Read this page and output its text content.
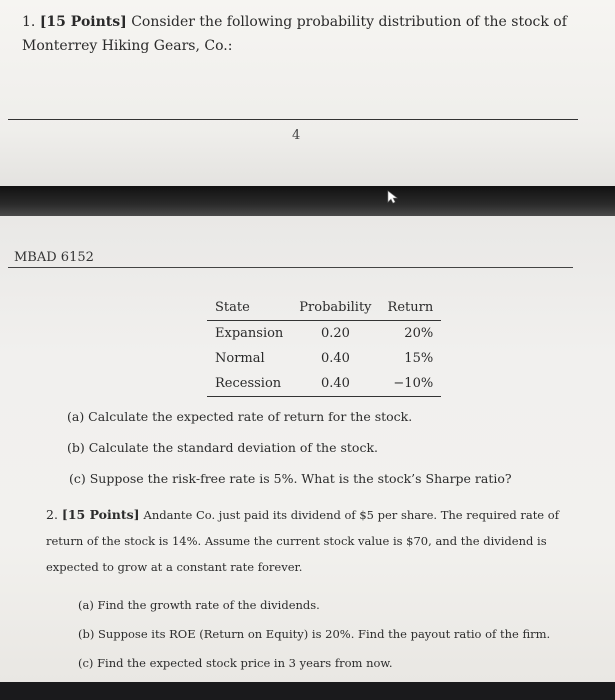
1. [15 Points] Consider the following probability distribution of the stock of Monterrey Hiking Gears, Co.:
4
MBAD 6152
State	Probability	Return
Expansion	0.20	20%
Normal	0.40	15%
Recession	0.40	−10%
(a) Calculate the expected rate of return for the stock.
(b) Calculate the standard deviation of the stock.
(c) Suppose the risk-free rate is 5%. What is the stock’s Sharpe ratio?
2. [15 Points] Andante Co. just paid its dividend of $5 per share. The required rate of return of the stock is 14%. Assume the current stock value is $70, and the dividend is expected to grow at a constant rate forever.
(a) Find the growth rate of the dividends.
(b) Suppose its ROE (Return on Equity) is 20%. Find the payout ratio of the firm.
(c) Find the expected stock price in 3 years from now.
